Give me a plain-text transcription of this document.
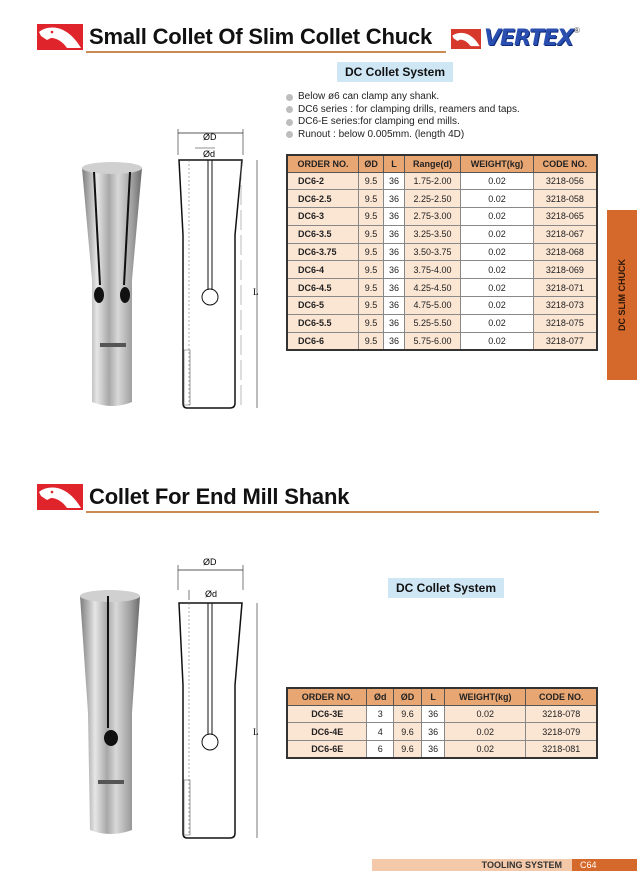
Small Collet Of Slim Collet Chuck VERTEX ®
DC Collet System
Below ø6 can clamp any shank.
DC6 series : for clamping drills, reamers and taps.
DC6-E series:for clamping end mills.
Runout : below 0.005mm. (length 4D)
ØD
Ød
L
ORDER NO.	ØD	L	Range(d)	WEIGHT(kg)	CODE NO.
DC6-2	9.5	36	1.75-2.00	0.02	3218-056
DC6-2.5	9.5	36	2.25-2.50	0.02	3218-058
DC6-3	9.5	36	2.75-3.00	0.02	3218-065
DC6-3.5	9.5	36	3.25-3.50	0.02	3218-067
DC6-3.75	9.5	36	3.50-3.75	0.02	3218-068
DC6-4	9.5	36	3.75-4.00	0.02	3218-069
DC6-4.5	9.5	36	4.25-4.50	0.02	3218-071
DC6-5	9.5	36	4.75-5.00	0.02	3218-073
DC6-5.5	9.5	36	5.25-5.50	0.02	3218-075
DC6-6	9.5	36	5.75-6.00	0.02	3218-077
DC SLIM CHUCK
Collet For End Mill Shank
DC Collet System
ØD
Ød
L
ORDER NO.	Ød	ØD	L	WEIGHT(kg)	CODE NO.
DC6-3E	3	9.6	36	0.02	3218-078
DC6-4E	4	9.6	36	0.02	3218-079
DC6-6E	6	9.6	36	0.02	3218-081
TOOLING SYSTEM	C64
